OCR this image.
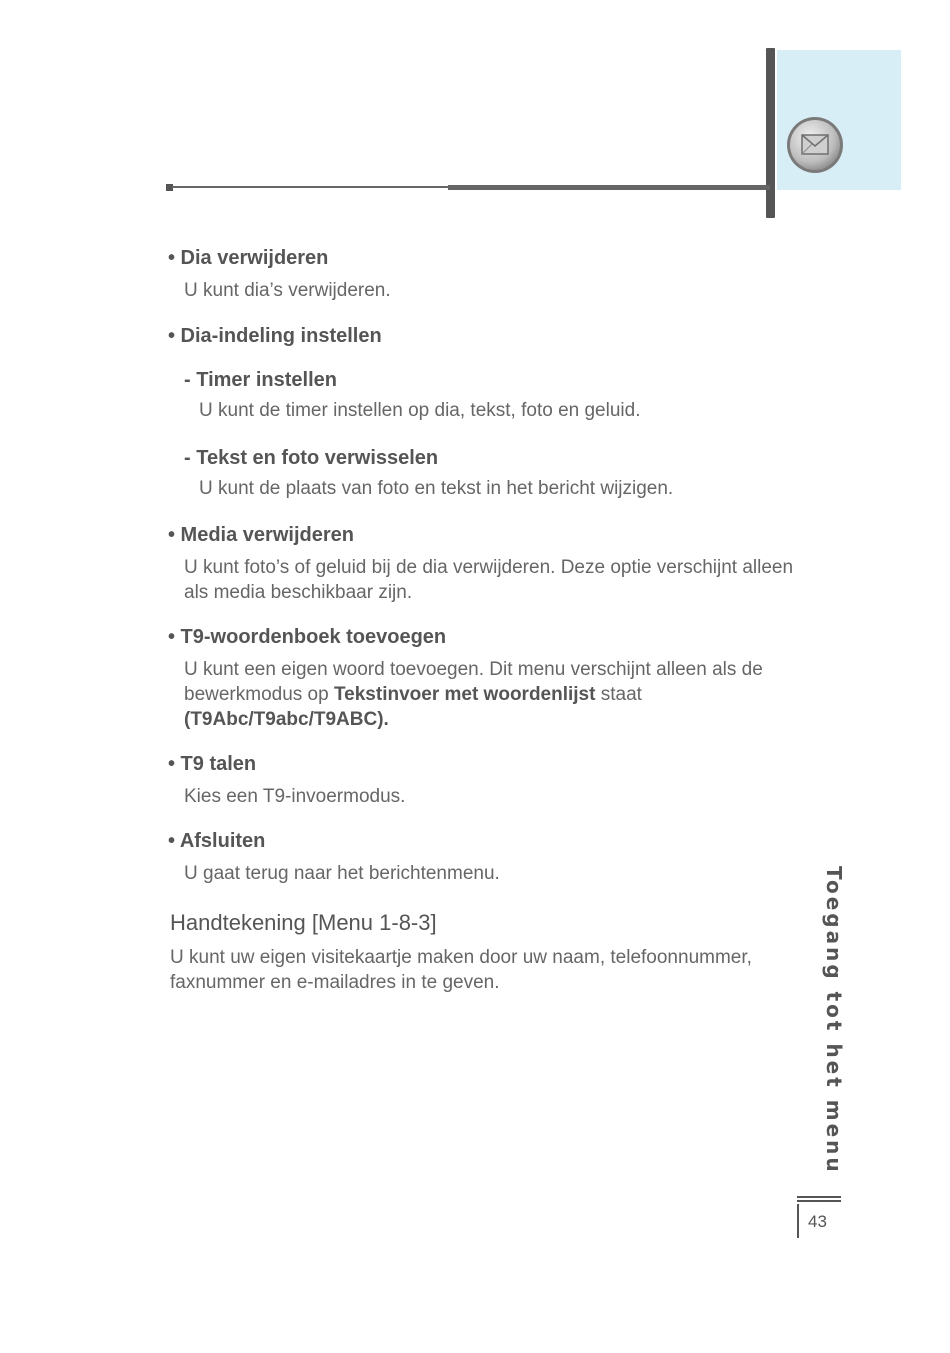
• Dia verwijderen
U kunt dia’s verwijderen.
• Dia-indeling instellen
- Timer instellen
U kunt de timer instellen op dia, tekst, foto en geluid.
- Tekst en foto verwisselen
U kunt de plaats van foto en tekst in het bericht wijzigen.
• Media verwijderen
U kunt foto’s of geluid bij de dia verwijderen. Deze optie verschijnt alleen als media beschikbaar zijn.
• T9-woordenboek toevoegen
U kunt een eigen woord toevoegen. Dit menu verschijnt alleen als de bewerkmodus op Tekstinvoer met woordenlijst staat
(T9Abc/T9abc/T9ABC).
• T9 talen
Kies een T9-invoermodus.
• Afsluiten
U gaat terug naar het berichtenmenu.
Handtekening [Menu 1-8-3]
U kunt uw eigen visitekaartje maken door uw naam, telefoonnummer, faxnummer en e-mailadres in te geven.	Toegang tot het menu
43
